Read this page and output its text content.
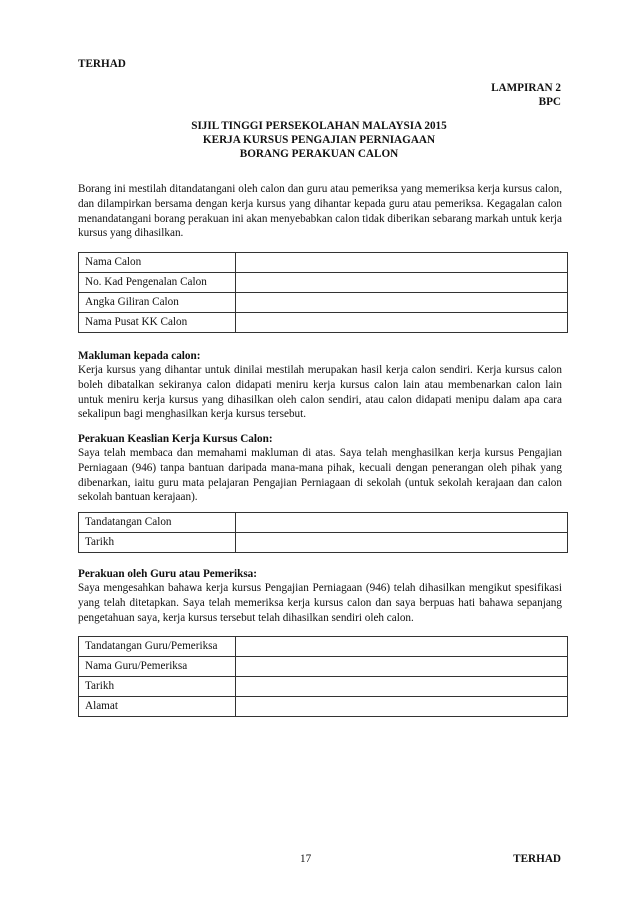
TERHAD
LAMPIRAN 2
BPC

SIJIL TINGGI PERSEKOLAHAN MALAYSIA 2015

KERJA KURSUS PENGAJIAN PERNIAGAAN

BORANG PERAKUAN CALON

Borang ini mestilah ditandatangani oleh calon dan guru atau pemeriksa yang memeriksa kerja kursus calon, dan dilampirkan bersama dengan kerja kursus yang dihantar kepada guru atau pemeriksa. Kegagalan calon menandatangani borang perakuan ini akan menyebabkan calon tidak diberikan sebarang markah untuk kerja kursus yang dihasilkan.

Nama Calon	
No. Kad Pengenalan Calon	
Angka Giliran Calon	
Nama Pusat KK Calon	

Makluman kepada calon:

Kerja kursus yang dihantar untuk dinilai mestilah merupakan hasil kerja calon sendiri. Kerja kursus calon boleh dibatalkan sekiranya calon didapati meniru kerja kursus calon lain atau membenarkan calon lain untuk meniru kerja kursus yang dihasilkan oleh calon sendiri, atau calon didapati menipu dalam apa cara sekalipun bagi menghasilkan kerja kursus tersebut.

Perakuan Keaslian Kerja Kursus Calon:

Saya telah membaca dan memahami makluman di atas. Saya telah menghasilkan kerja kursus Pengajian Perniagaan (946) tanpa bantuan daripada mana-mana pihak, kecuali dengan penerangan oleh pihak yang dibenarkan, iaitu guru mata pelajaran Pengajian Perniagaan di sekolah (untuk sekolah kerajaan dan calon sekolah bantuan kerajaan).

Tandatangan Calon	
Tarikh	

Perakuan oleh Guru atau Pemeriksa:

Saya mengesahkan bahawa kerja kursus Pengajian Perniagaan (946) telah dihasilkan mengikut spesifikasi yang telah ditetapkan. Saya telah memeriksa kerja kursus calon dan saya berpuas hati bahawa sepanjang pengetahuan saya, kerja kursus tersebut telah dihasilkan sendiri oleh calon.

Tandatangan Guru/Pemeriksa	
Nama Guru/Pemeriksa	
Tarikh	
Alamat	
17	TERHAD
